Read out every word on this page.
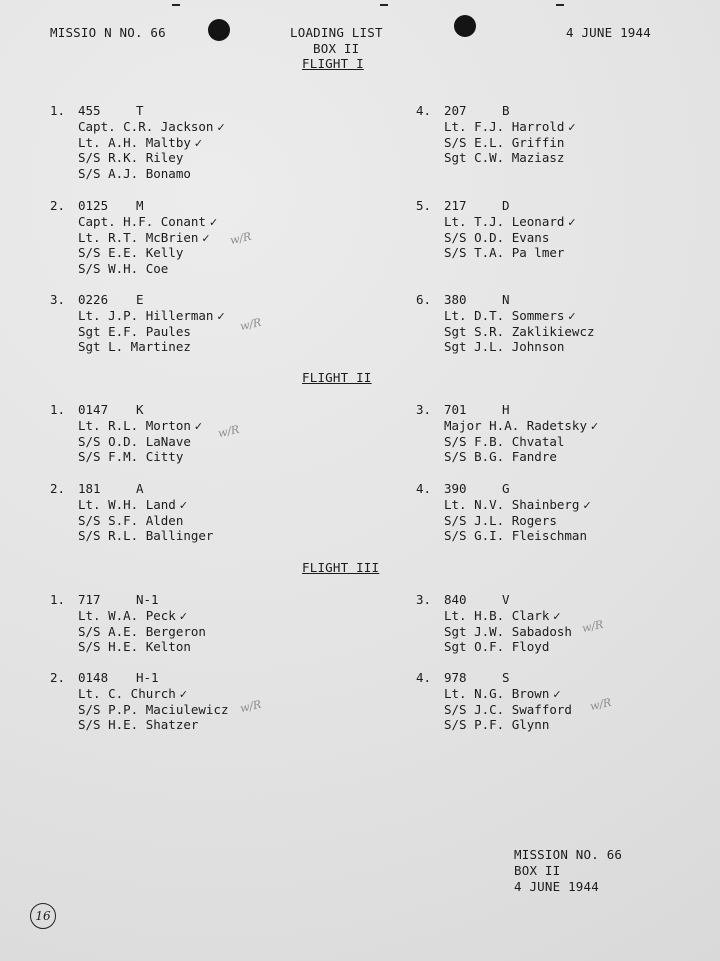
MISSIO N NO. 66	LOADING LIST
BOX II
4 JUNE 1944
FLIGHT I
1.	455	T
Capt. C.R. Jackson ✓
Lt. A.H. Maltby ✓
S/S R.K. Riley
S/S A.J. Bonamo
2.	0125 M
Capt. H.F. Conant ✓
Lt. R.T. McBrien ✓
S/S E.E. Kelly
S/S W.H. Coe
3.	0226 E
Lt. J.P. Hillerman ✓
Sgt E.F. Paules
Sgt L. Martinez
4.	207	B
Lt. F.J. Harrold ✓
S/S E.L. Griffin
Sgt C.W. Maziasz
5.	217	D
Lt. T.J. Leonard ✓
S/S O.D. Evans
S/S T.A. Pa lmer
6.	380	N
Lt. D.T. Sommers ✓
Sgt S.R. Zaklikiewcz
Sgt J.L. Johnson
FLIGHT II
1.	0147 K
Lt. R.L. Morton ✓
S/S O.D. LaNave
S/S F.M. Citty
2.	181	A
Lt. W.H. Land ✓
S/S S.F. Alden
S/S R.L. Ballinger
3.	701	H
Major H.A. Radetsky ✓
S/S F.B. Chvatal
S/S B.G. Fandre
4.	390	G
Lt. N.V. Shainberg ✓
S/S J.L. Rogers
S/S G.I. Fleischman
FLIGHT III
1.	717	N-1
Lt. W.A. Peck ✓
S/S A.E. Bergeron
S/S H.E. Kelton
2.	0148 H-1
Lt. C. Church ✓
S/S P.P. Maciulewicz
S/S H.E. Shatzer
3.	840	V
Lt. H.B. Clark ✓
Sgt J.W. Sabadosh
Sgt O.F. Floyd
4.	978	S
Lt. N.G. Brown ✓
S/S J.C. Swafford
S/S P.F. Glynn
w/R
w/R
w/R
w/R
w/R
w/R
MISSION NO. 66
BOX II
4 JUNE 1944
16
